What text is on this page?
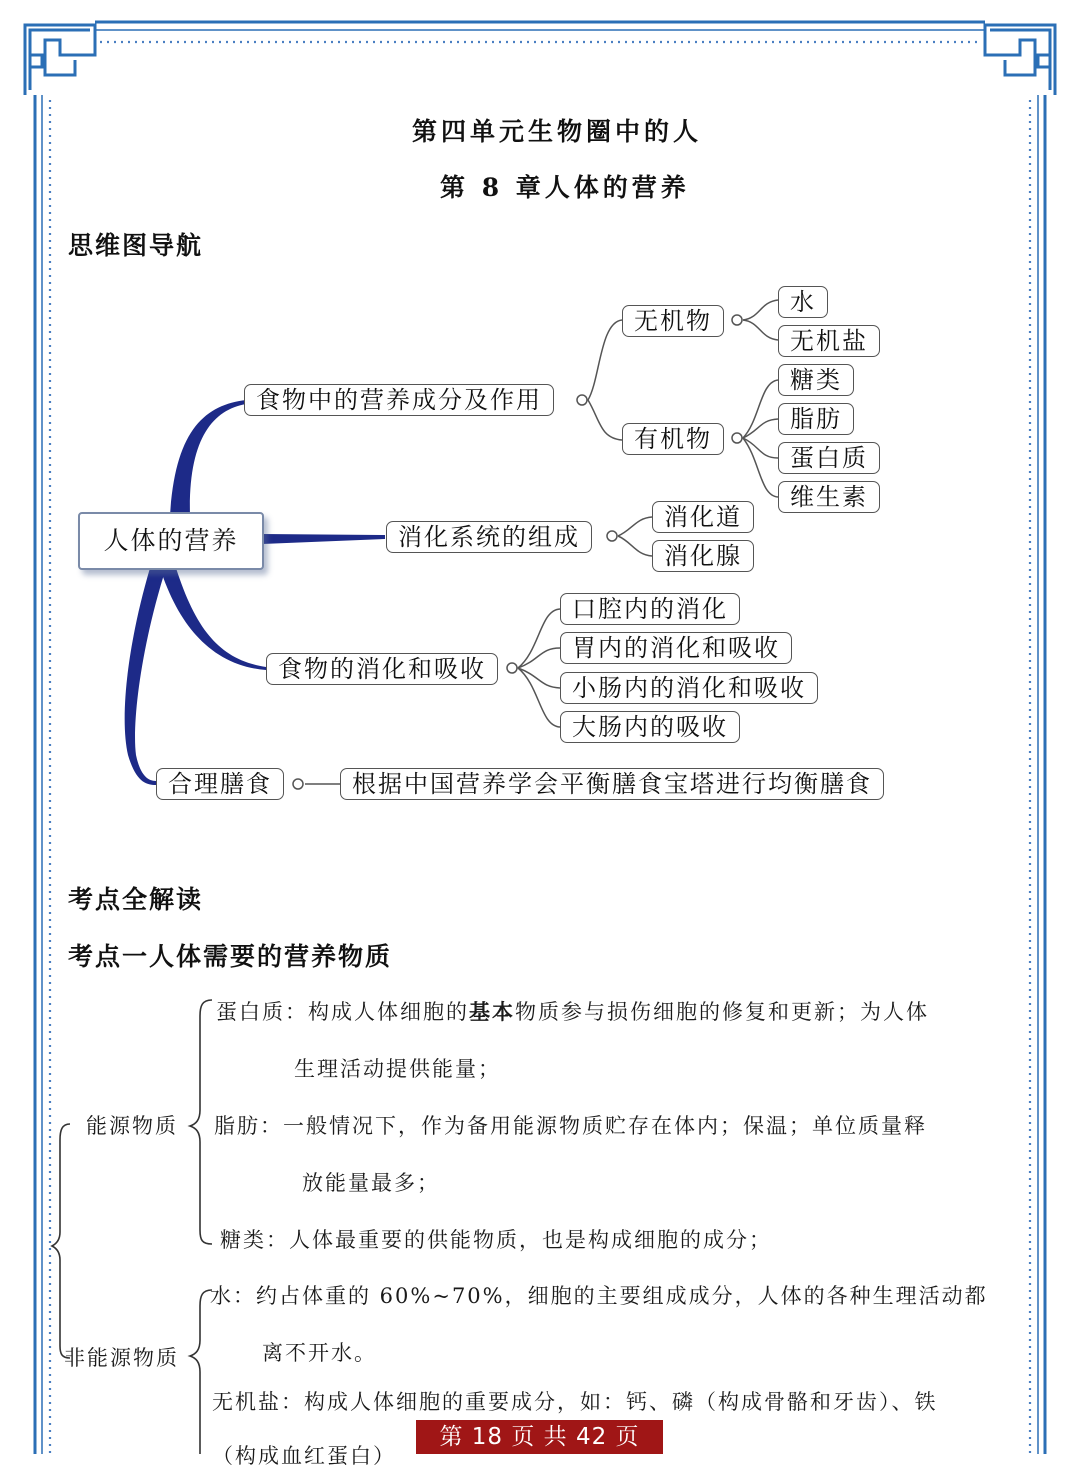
第四单元生物圈中的人
第 8 章人体的营养
思维图导航
人体的营养
食物中的营养成分及作用
无机物
水
无机盐
有机物
糖类
脂肪
蛋白质
维生素
消化系统的组成
消化道
消化腺
食物的消化和吸收
口腔内的消化
胃内的消化和吸收
小肠内的消化和吸收
大肠内的吸收
合理膳食	根据中国营养学会平衡膳食宝塔进行均衡膳食
考点全解读
考点一人体需要的营养物质
能源物质
非能源物质
蛋白质：构成人体细胞的基本物质参与损伤细胞的修复和更新；为人体
生理活动提供能量；
脂肪：一般情况下，作为备用能源物质贮存在体内；保温；单位质量释
放能量最多；
糖类：人体最重要的供能物质，也是构成细胞的成分；
水：约占体重的 60%~70%，细胞的主要组成成分，人体的各种生理活动都
离不开水。
无机盐：构成人体细胞的重要成分，如：钙、磷（构成骨骼和牙齿）、铁
（构成血红蛋白）
第 18 页 共 42 页
